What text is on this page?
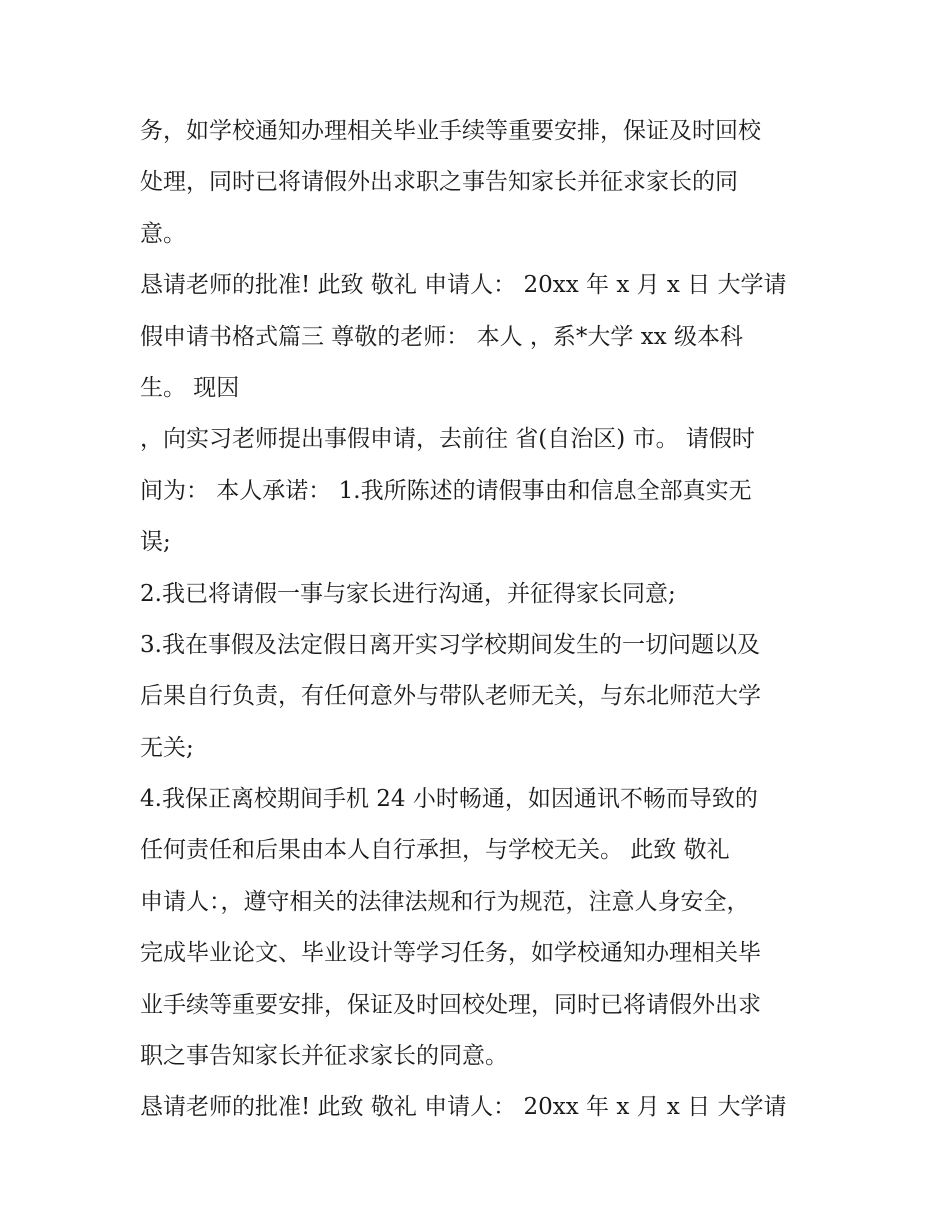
务，如学校通知办理相关毕业手续等重要安排，保证及时回校
处理，同时已将请假外出求职之事告知家长并征求家长的同
意。
恳请老师的批准! 此致 敬礼 申请人： 20xx 年 x 月 x 日 大学请
假申请书格式篇三 尊敬的老师： 本人 ，系*大学 xx 级本科
生。 现因
，向实习老师提出事假申请，去前往 省(自治区) 市。 请假时
间为： 本人承诺： 1.我所陈述的请假事由和信息全部真实无
误;
2.我已将请假一事与家长进行沟通，并征得家长同意;
3.我在事假及法定假日离开实习学校期间发生的一切问题以及
后果自行负责，有任何意外与带队老师无关，与东北师范大学
无关;
4.我保正离校期间手机 24 小时畅通，如因通讯不畅而导致的
任何责任和后果由本人自行承担，与学校无关。 此致 敬礼
申请人：，遵守相关的法律法规和行为规范，注意人身安全，
完成毕业论文、毕业设计等学习任务，如学校通知办理相关毕
业手续等重要安排，保证及时回校处理，同时已将请假外出求
职之事告知家长并征求家长的同意。
恳请老师的批准! 此致 敬礼 申请人： 20xx 年 x 月 x 日 大学请
